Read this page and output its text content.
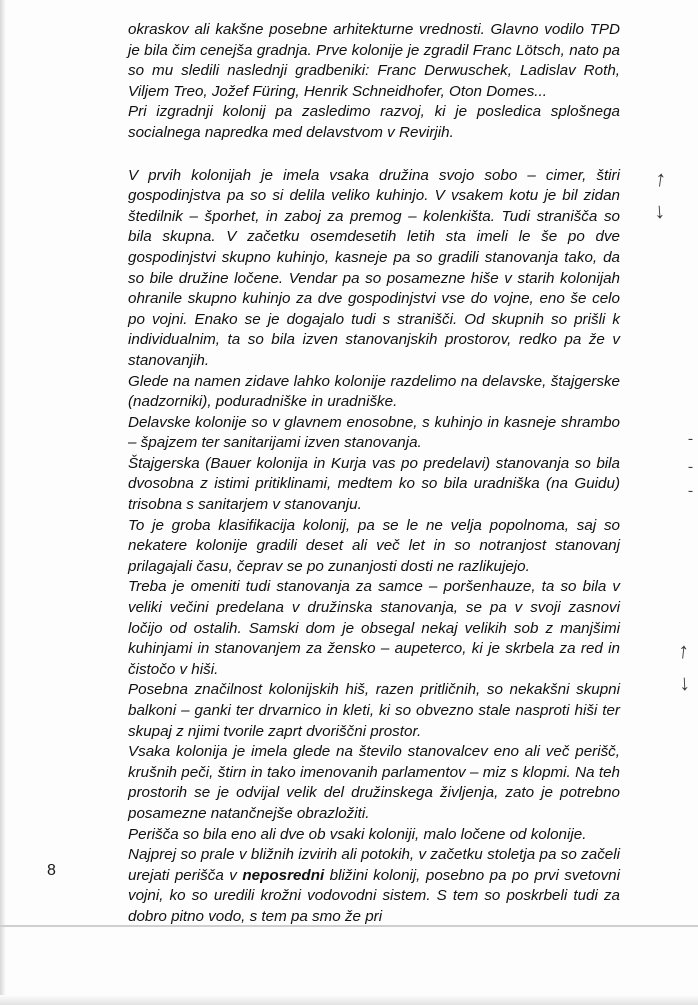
okraskov ali kakšne posebne arhitekturne vrednosti. Glavno vodilo TPD je bila čim cenejša gradnja. Prve kolonije je zgradil Franc Lötsch, nato pa so mu sledili naslednji gradbeniki: Franc Derwuschek, Ladislav Roth, Viljem Treo, Jožef Füring, Henrik Schneidhofer, Oton Domes...

Pri izgradnji kolonij pa zasledimo razvoj, ki je posledica splošnega socialnega napredka med delavstvom v Revirjih.

V prvih kolonijah je imela vsaka družina svojo sobo – cimer, štiri gospodinjstva pa so si delila veliko kuhinjo. V vsakem kotu je bil zidan štedilnik – šporhet, in zaboj za premog – kolenkišta. Tudi stranišča so bila skupna. V začetku osemdesetih letih sta imeli le še po dve gospodinjstvi skupno kuhinjo, kasneje pa so gradili stanovanja tako, da so bile družine ločene. Vendar pa so posamezne hiše v starih kolonijah ohranile skupno kuhinjo za dve gospodinjstvi vse do vojne, eno še celo po vojni. Enako se je dogajalo tudi s stranišči. Od skupnih so prišli k individualnim, ta so bila izven stanovanjskih prostorov, redko pa že v stanovanjih.

Glede na namen zidave lahko kolonije razdelimo na delavske, štajgerske (nadzorniki), poduradniške in uradniške.

Delavske kolonije so v glavnem enosobne, s kuhinjo in kasneje shrambo – špajzem ter sanitarijami izven stanovanja.

Štajgerska (Bauer kolonija in Kurja vas po predelavi) stanovanja so bila dvosobna z istimi pritiklinami, medtem ko so bila uradniška (na Guidu) trisobna s sanitarjem v stanovanju.

To je groba klasifikacija kolonij, pa se le ne velja popolnoma, saj so nekatere kolonije gradili deset ali več let in so notranjost stanovanj prilagajali času, čeprav se po zunanjosti dosti ne razlikujejo.

Treba je omeniti tudi stanovanja za samce – poršenhauze, ta so bila v veliki večini predelana v družinska stanovanja, se pa v svoji zasnovi ločijo od ostalih. Samski dom je obsegal nekaj velikih sob z manjšimi kuhinjami in stanovanjem za žensko – aupeterco, ki je skrbela za red in čistočo v hiši.

Posebna značilnost kolonijskih hiš, razen pritličnih, so nekakšni skupni balkoni – ganki ter drvarnico in kleti, ki so obvezno stale nasproti hiši ter skupaj z njimi tvorile zaprt dvoriščni prostor.

Vsaka kolonija je imela glede na število stanovalcev eno ali več perišč, krušnih peči, štirn in tako imenovanih parlamentov – miz s klopmi. Na teh prostorih se je odvijal velik del družinskega življenja, zato je potrebno posamezne natančnejše obrazložiti.

Perišča so bila eno ali dve ob vsaki koloniji, malo ločene od kolonije.

Najprej so prale v bližnih izvirih ali potokih, v začetku stoletja pa so začeli urejati perišča v neposredni bližini kolonij, posebno pa po prvi svetovni vojni, ko so uredili krožni vodovodni sistem. S tem so poskrbeli tudi za dobro pitno vodo, s tem pa smo že pri

8
↑
↓
-
-
-
↑
↓
